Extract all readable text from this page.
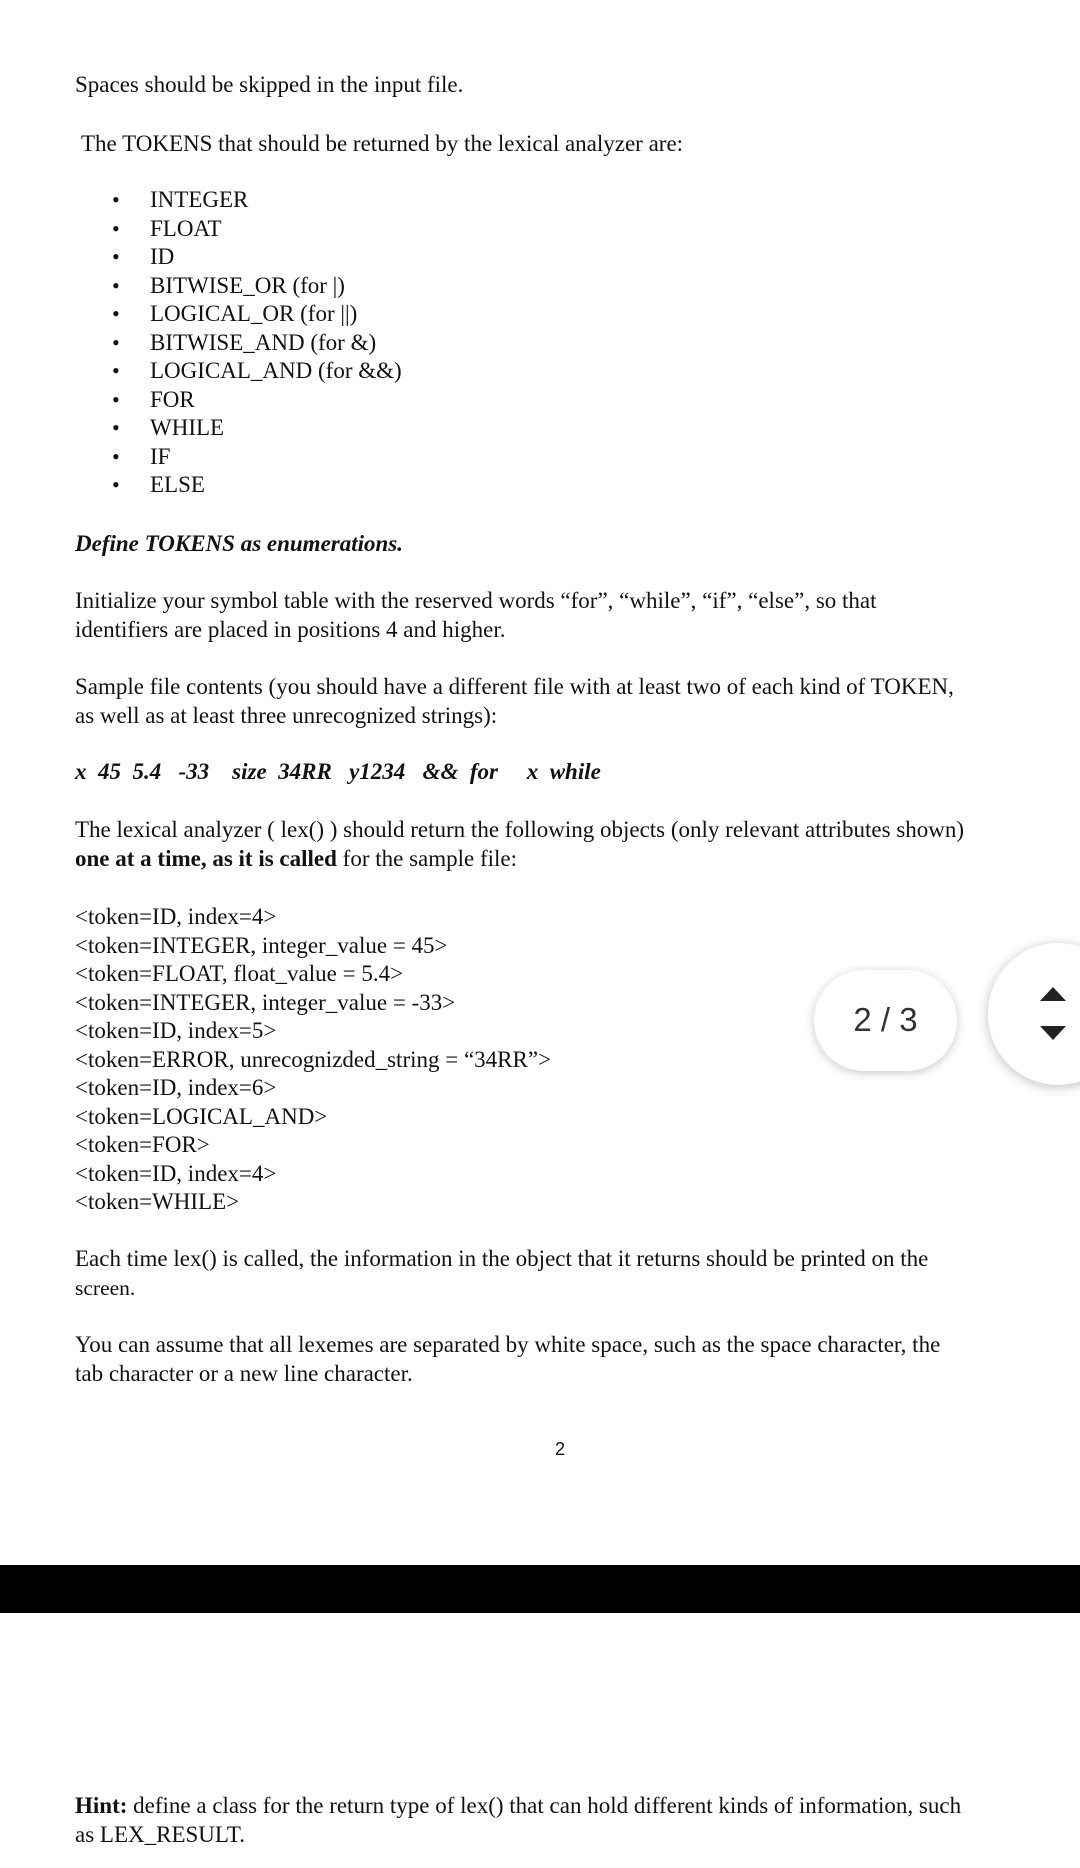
Spaces should be skipped in the input file.

The TOKENS that should be returned by the lexical analyzer are:

• INTEGER
• FLOAT
• ID
• BITWISE_OR (for |)
• LOGICAL_OR (for ||)
• BITWISE_AND (for &)
• LOGICAL_AND (for &&)
• FOR
• WHILE
• IF
• ELSE

Define TOKENS as enumerations.

Initialize your symbol table with the reserved words “for”, “while”, “if”, “else”, so that
identifiers are placed in positions 4 and higher.
Sample file contents (you should have a different file with at least two of each kind of TOKEN,
as well as at least three unrecognized strings):

x  45  5.4   -33    size  34RR   y1234   &&  for     x  while

The lexical analyzer ( lex() ) should return the following objects (only relevant attributes shown)
one at a time, as it is called for the sample file:
<token=ID, index=4>
<token=INTEGER, integer_value = 45>
<token=FLOAT, float_value = 5.4>
<token=INTEGER, integer_value = -33>
<token=ID, index=5>
<token=ERROR, unrecognizded_string = “34RR”>
<token=ID, index=6>
<token=LOGICAL_AND>
<token=FOR>
<token=ID, index=4>
<token=WHILE>
Each time lex() is called, the information in the object that it returns should be printed on the
screen.
You can assume that all lexemes are separated by white space, such as the space character, the
tab character or a new line character.
2
Hint: define a class for the return type of lex() that can hold different kinds of information, such
as LEX_RESULT.
2 / 3
